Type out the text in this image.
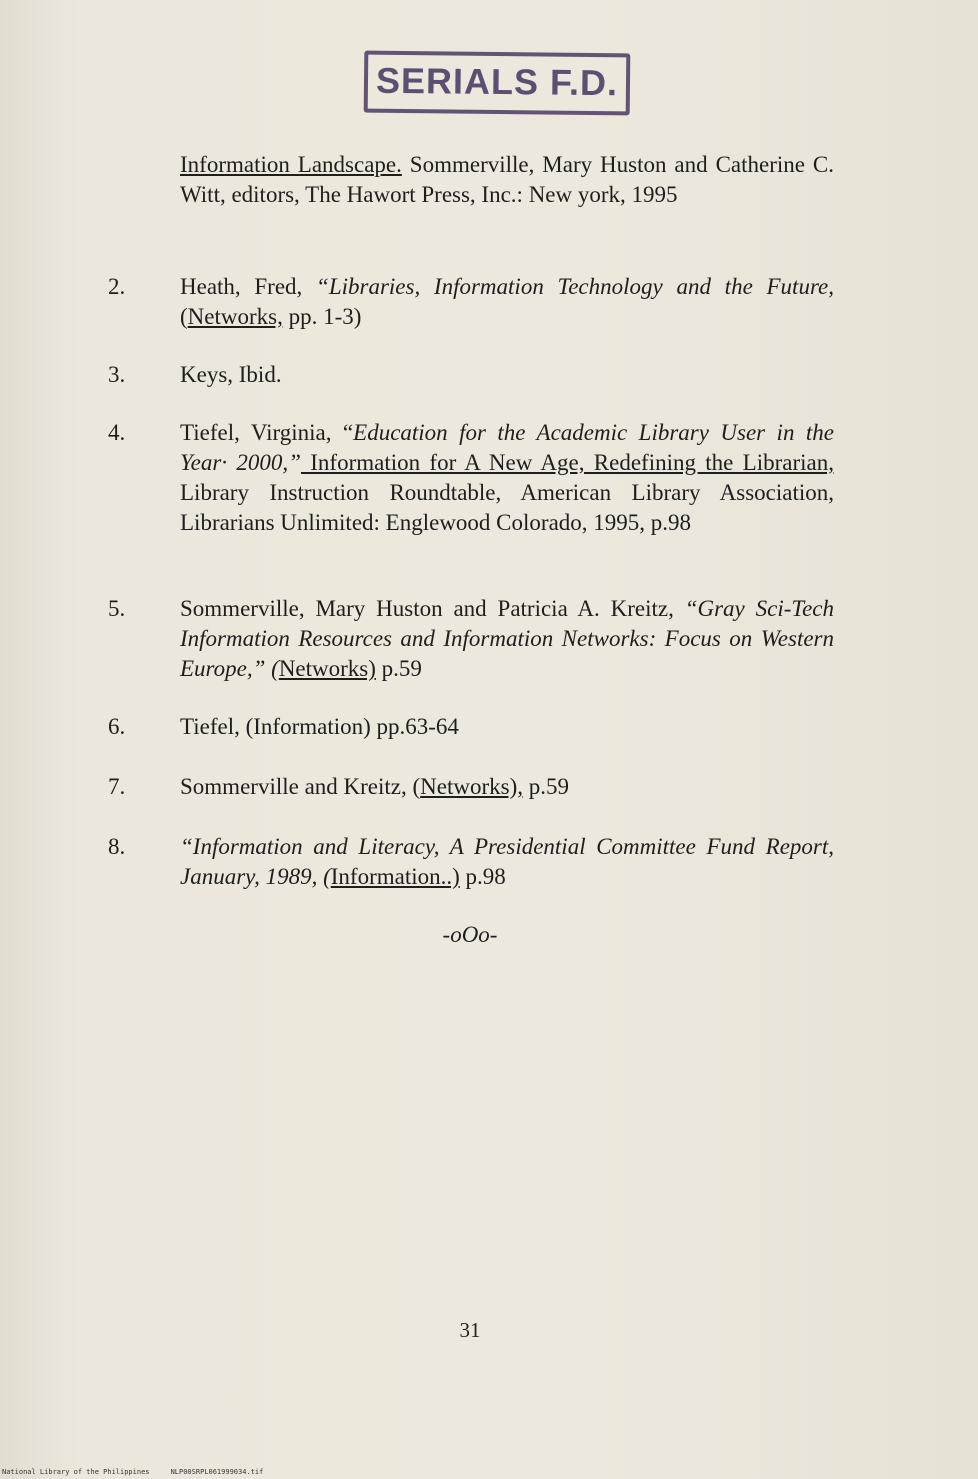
SERIALS F.D.

Information Landscape. Sommerville, Mary Huston and Catherine C. Witt, editors, The Hawort Press, Inc.: New york, 1995

2. Heath, Fred, “Libraries, Information Technology and the Future, (Networks, pp. 1-3)

3. Keys, Ibid.

4. Tiefel, Virginia, “Education for the Academic Library User in the Year· 2000,” Information for A New Age, Redefining the Librarian, Library Instruction Roundtable, American Library Association, Librarians Unlimited: Englewood Colorado, 1995, p.98

5. Sommerville, Mary Huston and Patricia A. Kreitz, “Gray Sci-Tech Information Resources and Information Networks: Focus on Western Europe,” (Networks) p.59

6. Tiefel, (Information) pp.63-64

7. Sommerville and Kreitz, (Networks), p.59

8. “Information and Literacy, A Presidential Committee Fund Report, January, 1989, (Information..) p.98

-oOo-
31
National Library of the Philippines     NLP00SRPL061999034.tif
